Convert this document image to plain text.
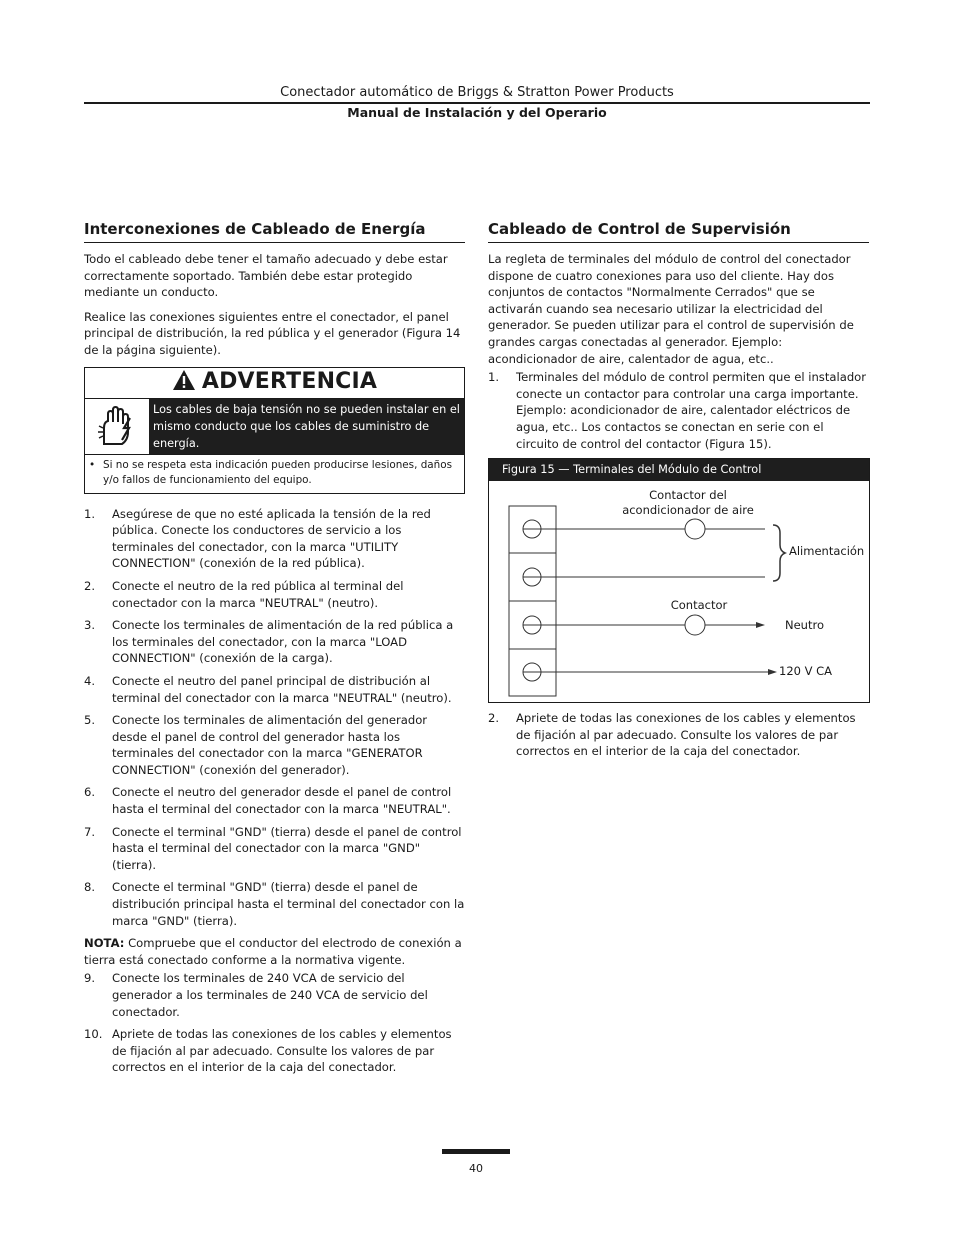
Conectador automático de Briggs & Stratton Power Products
Manual de Instalación y del Operario
Interconexiones de Cableado de Energía

Todo el cableado debe tener el tamaño adecuado y debe estar correctamente soportado. También debe estar protegido mediante un conducto.

Realice las conexiones siguientes entre el conectador, el panel principal de distribución, la red pública y el generador (Figura 14 de la página siguiente).

ADVERTENCIA
Los cables de baja tensión no se pueden instalar en el mismo conducto que los cables de suministro de energía.
• Si no se respeta esta indicación pueden producirse lesiones, daños y/o fallos de funcionamiento del equipo.
1.	Asegúrese de que no esté aplicada la tensión de la red pública. Conecte los conductores de servicio a los terminales del conectador, con la marca "UTILITY CONNECTION" (conexión de la red pública).
2.	Conecte el neutro de la red pública al terminal del conectador con la marca "NEUTRAL" (neutro).
3.	Conecte los terminales de alimentación de la red pública a los terminales del conectador, con la marca "LOAD CONNECTION" (conexión de la carga).
4.	Conecte el neutro del panel principal de distribución al terminal del conectador con la marca "NEUTRAL" (neutro).
5.	Conecte los terminales de alimentación del generador desde el panel de control del generador hasta los terminales del conectador con la marca "GENERATOR CONNECTION" (conexión del generador).
6.	Conecte el neutro del generador desde el panel de control hasta el terminal del conectador con la marca "NEUTRAL".
7.	Conecte el terminal "GND" (tierra) desde el panel de control hasta el terminal del conectador con la marca "GND" (tierra).
8.	Conecte el terminal "GND" (tierra) desde el panel de distribución principal hasta el terminal del conectador con la marca "GND" (tierra).

NOTA: Compruebe que el conductor del electrodo de conexión a tierra está conectado conforme a la normativa vigente.

9.	Conecte los terminales de 240 VCA de servicio del generador a los terminales de 240 VCA de servicio del conectador.
10. Apriete de todas las conexiones de los cables y elementos de fijación al par adecuado. Consulte los valores de par correctos en el interior de la caja del conectador.
Cableado de Control de Supervisión

La regleta de terminales del módulo de control del conectador dispone de cuatro conexiones para uso del cliente. Hay dos conjuntos de contactos "Normalmente Cerrados" que se activarán cuando sea necesario utilizar la electricidad del generador. Se pueden utilizar para el control de supervisión de grandes cargas conectadas al generador. Ejemplo: acondicionador de aire, calentador de agua, etc..

1.	Terminales del módulo de control permiten que el instalador conecte un contactor para controlar una carga importante. Ejemplo: acondicionador de aire, calentador eléctricos de agua, etc.. Los contactos se conectan en serie con el circuito de control del contactor (Figura 15).
Figura 15 — Terminales del Módulo de Control
Contactor del
acondicionador de aire
Alimentación
Contactor
Neutro
120 V CA
2.	Apriete de todas las conexiones de los cables y elementos de fijación al par adecuado. Consulte los valores de par correctos en el interior de la caja del conectador.
40
